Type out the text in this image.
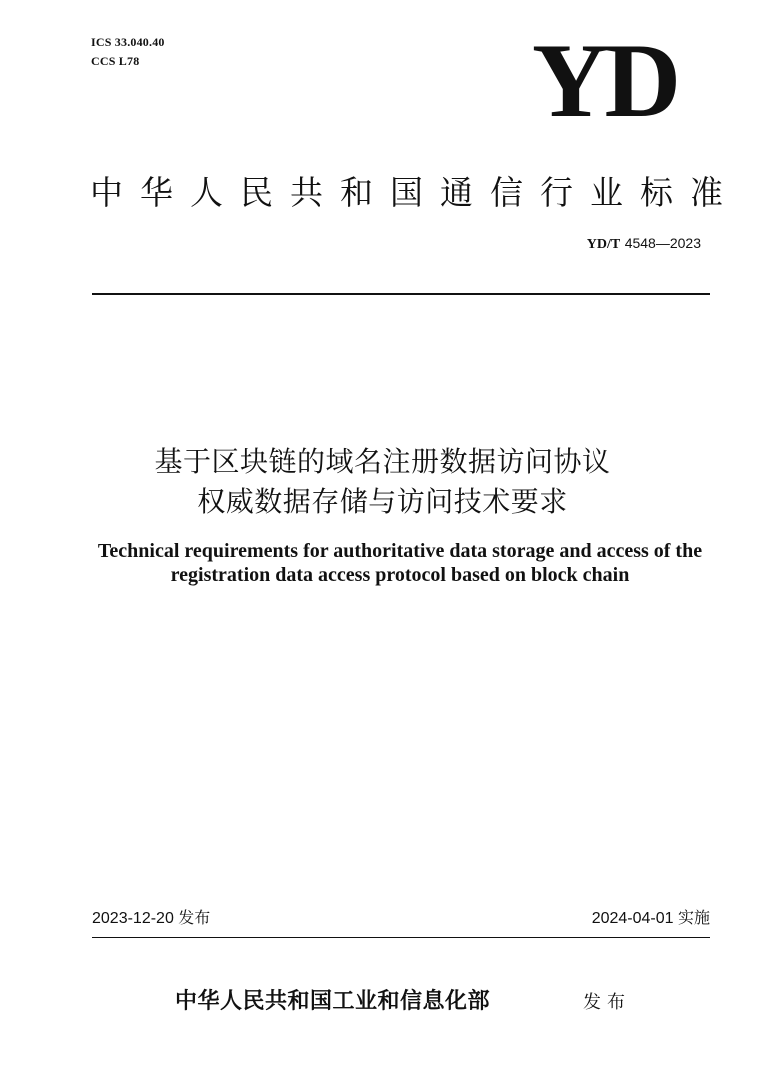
ICS 33.040.40
CCS L78	YD
中华人民共和国通信行业标准
YD/T 4548—2023
基于区块链的域名注册数据访问协议
权威数据存储与访问技术要求
Technical requirements for authoritative data storage and access of the
registration data access protocol based on block chain
2023-12-20 发布	2024-04-01 实施
中华人民共和国工业和信息化部	发布
